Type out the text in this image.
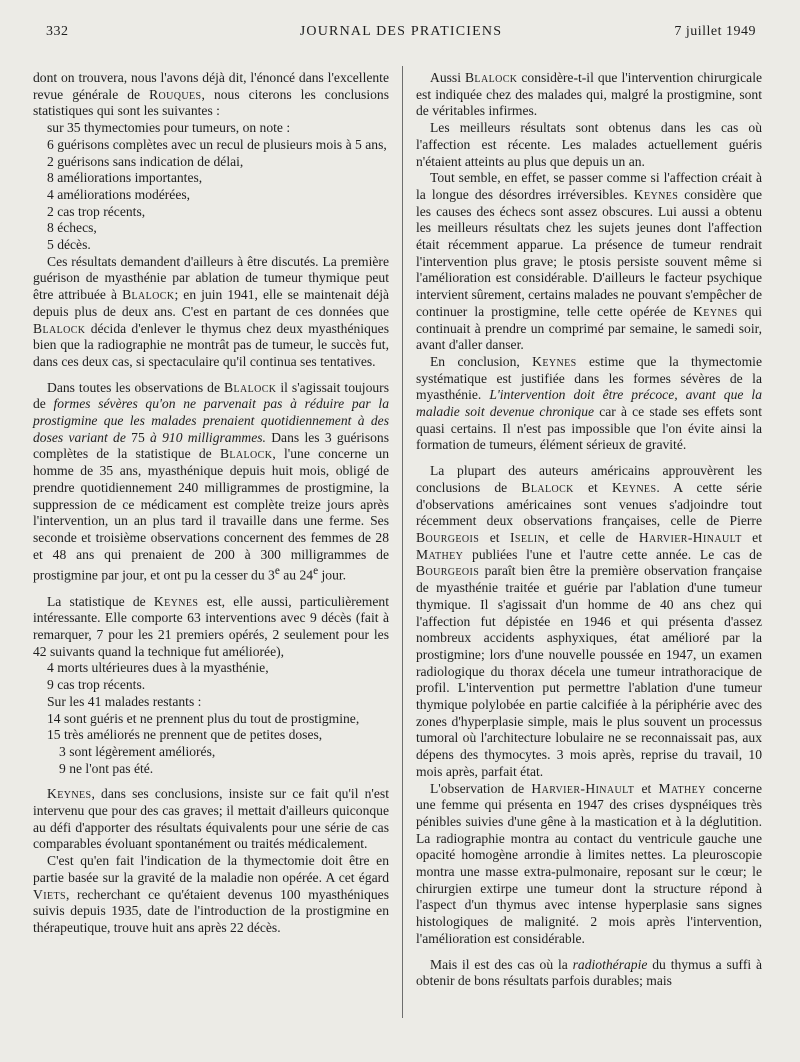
332	JOURNAL DES PRATICIENS	7 juillet 1949

dont on trouvera, nous l'avons déjà dit, l'énoncé dans l'excellente revue générale de Rouques, nous citerons les conclusions statistiques qui sont les suivantes :

sur 35 thymectomies pour tumeurs, on note :

6 guérisons complètes avec un recul de plusieurs mois à 5 ans,

2 guérisons sans indication de délai,

8 améliorations importantes,

4 améliorations modérées,

2 cas trop récents,

8 échecs,

5 décès.

Ces résultats demandent d'ailleurs à être discutés. La première guérison de myasthénie par ablation de tumeur thymique peut être attribuée à Blalock; en juin 1941, elle se maintenait déjà depuis plus de deux ans. C'est en partant de ces données que Blalock décida d'enlever le thymus chez deux myasthéniques bien que la radiographie ne montrât pas de tumeur, le succès fut, dans ces deux cas, si spectaculaire qu'il continua ses tentatives.

Dans toutes les observations de Blalock il s'agissait toujours de formes sévères qu'on ne parvenait pas à réduire par la prostigmine que les malades prenaient quotidiennement à des doses variant de 75 à 910 milligrammes. Dans les 3 guérisons complètes de la statistique de Blalock, l'une concerne un homme de 35 ans, myasthénique depuis huit mois, obligé de prendre quotidiennement 240 milligrammes de prostigmine, la suppression de ce médicament est complète treize jours après l'intervention, un an plus tard il travaille dans une ferme. Ses seconde et troisième observations concernent des femmes de 28 et 48 ans qui prenaient de 200 à 300 milligrammes de prostigmine par jour, et ont pu la cesser du 3e au 24e jour.

La statistique de Keynes est, elle aussi, particulièrement intéressante. Elle comporte 63 interventions avec 9 décès (fait à remarquer, 7 pour les 21 premiers opérés, 2 seulement pour les 42 suivants quand la technique fut améliorée),

4 morts ultérieures dues à la myasthénie,

9 cas trop récents.

Sur les 41 malades restants :

14 sont guéris et ne prennent plus du tout de prostigmine,

15 très améliorés ne prennent que de petites doses,

3 sont légèrement améliorés,

9 ne l'ont pas été.

Keynes, dans ses conclusions, insiste sur ce fait qu'il n'est intervenu que pour des cas graves; il mettait d'ailleurs quiconque au défi d'apporter des résultats équivalents pour une série de cas comparables évoluant spontanément ou traités médicalement.

C'est qu'en fait l'indication de la thymectomie doit être en partie basée sur la gravité de la maladie non opérée. A cet égard Viets, recherchant ce qu'étaient devenus 100 myasthéniques suivis depuis 1935, date de l'introduction de la prostigmine en thérapeutique, trouve huit ans après 22 décès.

Aussi Blalock considère-t-il que l'intervention chirurgicale est indiquée chez des malades qui, malgré la prostigmine, sont de véritables infirmes.

Les meilleurs résultats sont obtenus dans les cas où l'affection est récente. Les malades actuellement guéris n'étaient atteints au plus que depuis un an.

Tout semble, en effet, se passer comme si l'affection créait à la longue des désordres irréversibles. Keynes considère que les causes des échecs sont assez obscures. Lui aussi a obtenu les meilleurs résultats chez les sujets jeunes dont l'affection était récemment apparue. La présence de tumeur rendrait l'intervention plus grave; le ptosis persiste souvent même si l'amélioration est considérable. D'ailleurs le facteur psychique intervient sûrement, certains malades ne pouvant s'empêcher de continuer la prostigmine, telle cette opérée de Keynes qui continuait à prendre un comprimé par semaine, le samedi soir, avant d'aller danser.

En conclusion, Keynes estime que la thymectomie systématique est justifiée dans les formes sévères de la myasthénie. L'intervention doit être précoce, avant que la maladie soit devenue chronique car à ce stade ses effets sont quasi certains. Il n'est pas impossible que l'on évite ainsi la formation de tumeurs, élément sérieux de gravité.

La plupart des auteurs américains approuvèrent les conclusions de Blalock et Keynes. A cette série d'observations américaines sont venues s'adjoindre tout récemment deux observations françaises, celle de Pierre Bourgeois et Iselin, et celle de Harvier-Hinault et Mathey publiées l'une et l'autre cette année. Le cas de Bourgeois paraît bien être la première observation française de myasthénie traitée et guérie par l'ablation d'une tumeur thymique. Il s'agissait d'un homme de 40 ans chez qui l'affection fut dépistée en 1946 et qui présenta d'assez nombreux accidents asphyxiques, état amélioré par la prostigmine; lors d'une nouvelle poussée en 1947, un examen radiologique du thorax décela une tumeur intrathoracique de profil. L'intervention put permettre l'ablation d'une tumeur thymique polylobée en partie calcifiée à la périphérie avec des zones d'hyperplasie simple, mais le plus souvent un processus tumoral où l'architecture lobulaire ne se reconnaissait pas, aux dépens des thymocytes. 3 mois après, reprise du travail, 10 mois après, parfait état.

L'observation de Harvier-Hinault et Mathey concerne une femme qui présenta en 1947 des crises dyspnéiques très pénibles suivies d'une gêne à la mastication et à la déglutition. La radiographie montra au contact du ventricule gauche une opacité homogène arrondie à limites nettes. La pleuroscopie montra une masse extra-pulmonaire, reposant sur le cœur; le chirurgien extirpe une tumeur dont la structure répond à l'aspect d'un thymus avec intense hyperplasie sans signes histologiques de malignité. 2 mois après l'intervention, l'amélioration est considérable.

Mais il est des cas où la radiothérapie du thymus a suffi à obtenir de bons résultats parfois durables; mais
